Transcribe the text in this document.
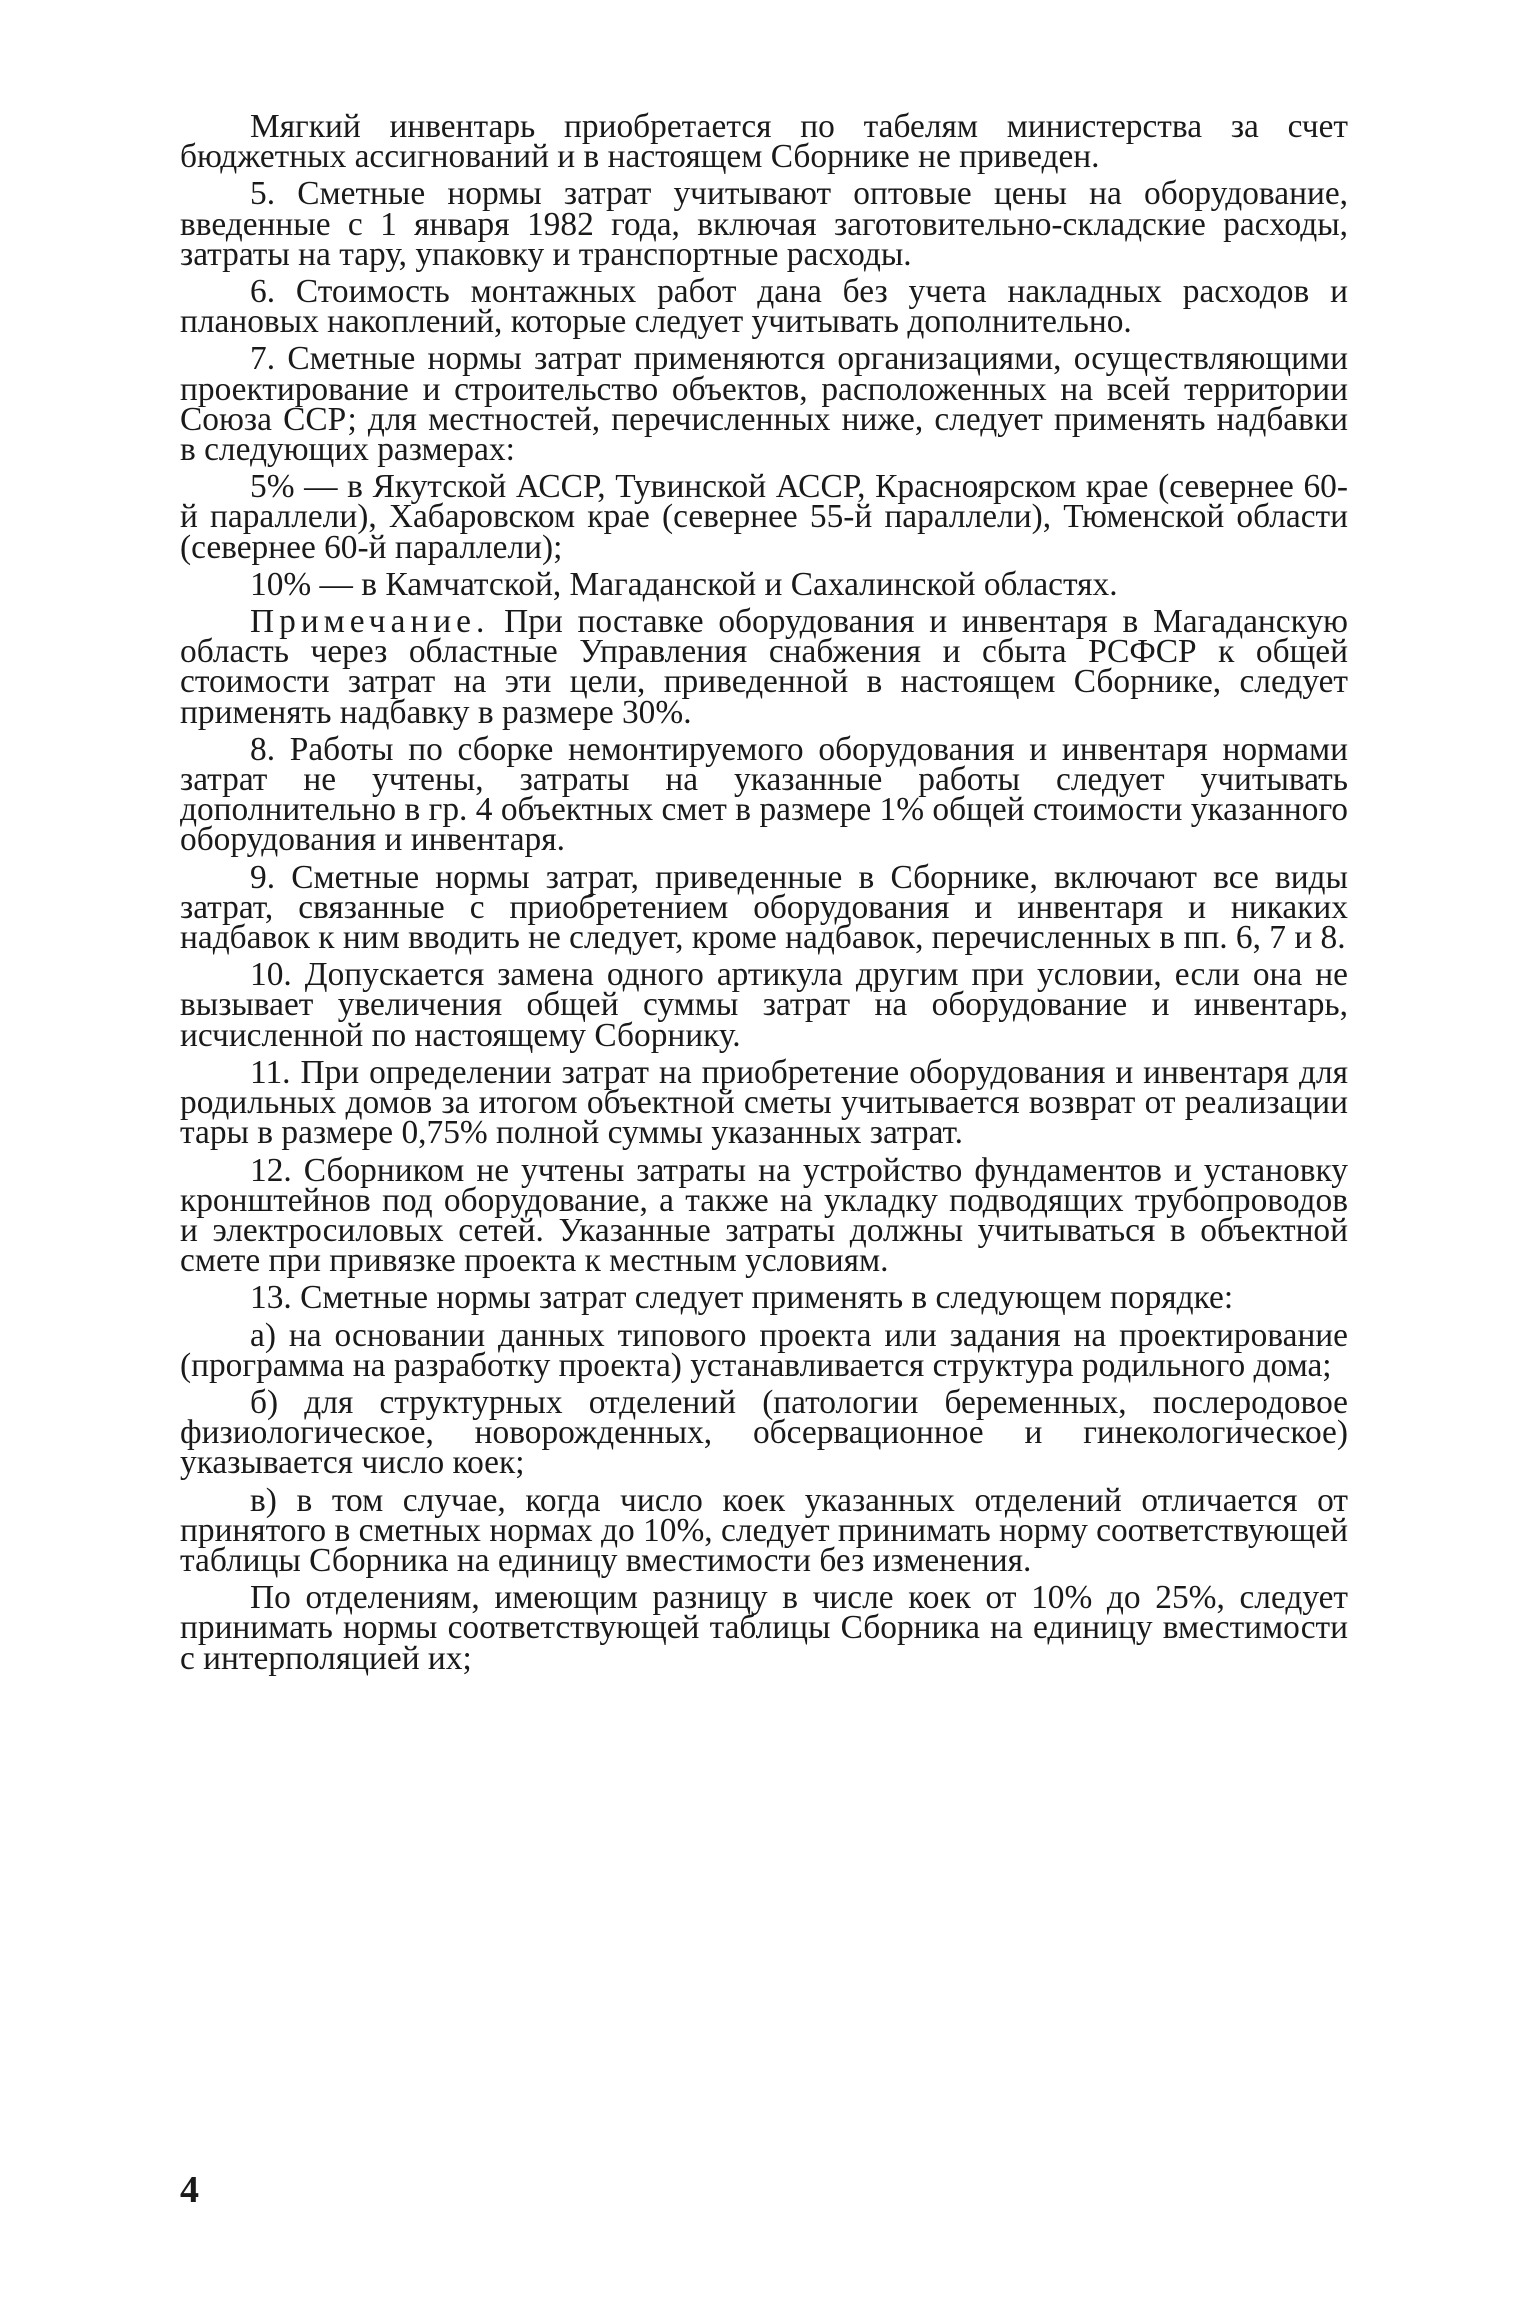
Мягкий инвентарь приобретается по табелям министерства за счет бюджетных ассигнований и в настоящем Сборнике не приведен.

5. Сметные нормы затрат учитывают оптовые цены на оборудование, введенные с 1 января 1982 года, включая заготовительно-складские расходы, затраты на тару, упаковку и транспортные расходы.

6. Стоимость монтажных работ дана без учета накладных расходов и плановых накоплений, которые следует учитывать дополнительно.

7. Сметные нормы затрат применяются организациями, осуществляющими проектирование и строительство объектов, расположенных на всей территории Союза ССР; для местностей, перечисленных ниже, следует применять надбавки в следующих размерах:

5% — в Якутской АССР, Тувинской АССР, Красноярском крае (севернее 60-й параллели), Хабаровском крае (севернее 55-й параллели), Тюменской области (севернее 60-й параллели);

10% — в Камчатской, Магаданской и Сахалинской областях.

Примечание. При поставке оборудования и инвентаря в Магаданскую область через областные Управления снабжения и сбыта РСФСР к общей стоимости затрат на эти цели, приведенной в настоящем Сборнике, следует применять надбавку в размере 30%.

8. Работы по сборке немонтируемого оборудования и инвентаря нормами затрат не учтены, затраты на указанные работы следует учитывать дополнительно в гр. 4 объектных смет в размере 1% общей стоимости указанного оборудования и инвентаря.

9. Сметные нормы затрат, приведенные в Сборнике, включают все виды затрат, связанные с приобретением оборудования и инвентаря и никаких надбавок к ним вводить не следует, кроме надбавок, перечисленных в пп. 6, 7 и 8.

10. Допускается замена одного артикула другим при условии, если она не вызывает увеличения общей суммы затрат на оборудование и инвентарь, исчисленной по настоящему Сборнику.

11. При определении затрат на приобретение оборудования и инвентаря для родильных домов за итогом объектной сметы учитывается возврат от реализации тары в размере 0,75% полной суммы указанных затрат.

12. Сборником не учтены затраты на устройство фундаментов и установку кронштейнов под оборудование, а также на укладку подводящих трубопроводов и электросиловых сетей. Указанные затраты должны учитываться в объектной смете при привязке проекта к местным условиям.

13. Сметные нормы затрат следует применять в следующем порядке:

а) на основании данных типового проекта или задания на проектирование (программа на разработку проекта) устанавливается структура родильного дома;

б) для структурных отделений (патологии беременных, послеродовое физиологическое, новорожденных, обсервационное и гинекологическое) указывается число коек;

в) в том случае, когда число коек указанных отделений отличается от принятого в сметных нормах до 10%, следует принимать норму соответствующей таблицы Сборника на единицу вместимости без изменения.

По отделениям, имеющим разницу в числе коек от 10% до 25%, следует принимать нормы соответствующей таблицы Сборника на единицу вместимости с интерполяцией их;

4
